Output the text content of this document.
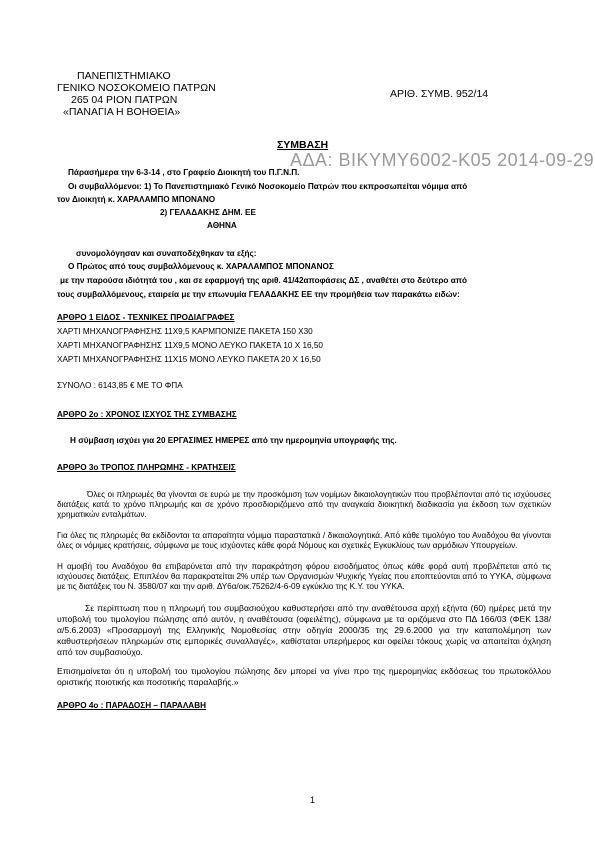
ΠΑΝΕΠΙΣΤΗΜΙΑΚΟ
ΓΕΝΙΚΟ ΝΟΣΟΚΟΜΕΙΟ ΠΑΤΡΩΝ
265 04 ΡΙΟΝ ΠΑΤΡΩΝ
«ΠΑΝΑΓΙΑ Η ΒΟΗΘΕΙΑ»
ΑΡΙΘ. ΣΥΜΒ. 952/14
ΑΔΑ: ΒΙΚΥΜΥ6002-Κ05 2014-09-29
ΣΥΜΒΑΣΗ
Πάρασήμερα την 6-3-14 , στο Γραφείο Διοικητή του Π.Γ.Ν.Π.
Οι συμβαλλόμενοι: 1) Το Πανεπιστημιακό Γενικό Νοσοκομείο Πατρών που εκπροσωπείται νόμιμα από
τον Διοικητή κ. ΧΑΡΑΛΑΜΠΟ ΜΠΟΝΑΝΟ
2) ΓΕΛΑΔΑΚΗΣ ΔΗΜ. ΕΕ
ΑΘΗΝΑ
συνομολόγησαν και συναποδέχθηκαν τα εξής:
Ο Πρώτος από τους συμβαλλόμενους κ. ΧΑΡΑΛΑΜΠΟΣ ΜΠΟΝΑΝΟΣ
με την παρούσα ιδιότητά του , και σε εφαρμογή της αριθ. 41/42αποφάσεις ΔΣ , αναθέτει στο δεύτερο από
τους συμβαλλόμενους, εταιρεία με την επωνυμία ΓΕΛΑΔΑΚΗΣ ΕΕ την προμήθεια των παρακάτω ειδών:
ΑΡΘΡΟ 1 ΕΙΔΟΣ - ΤΕΧΝΙΚΕΣ ΠΡΟΔΙΑΓΡΑΦΕΣ
ΧΑΡΤΙ ΜΗΧΑΝΟΓΡΑΦΗΣΗΣ 11Χ9,5 ΚΑΡΜΠΟΝΙΖΕ ΠΑΚΕΤΑ 150 Χ30
ΧΑΡΤΙ ΜΗΧΑΝΟΓΡΑΦΗΣΗΣ 11Χ9,5 ΜΟΝΟ ΛΕΥΚΟ ΠΑΚΕΤΑ 10 Χ 16,50
ΧΑΡΤΙ ΜΗΧΑΝΟΓΡΑΦΗΣΗΣ 11Χ15 ΜΟΝΟ ΛΕΥΚΟ ΠΑΚΕΤΑ 20 Χ 16,50
ΣΥΝΟΛΟ : 6143,85 € ΜΕ ΤΟ ΦΠΑ
ΑΡΘΡΟ 2ο : ΧΡΟΝΟΣ ΙΣΧΥΟΣ ΤΗΣ ΣΥΜΒΑΣΗΣ
Η σύμβαση ισχύει για 20 ΕΡΓΑΣΙΜΕΣ ΗΜΕΡΕΣ από την ημερομηνία υπογραφής της.
ΑΡΘΡΟ 3ο ΤΡΟΠΟΣ ΠΛΗΡΩΜΗΣ - ΚΡΑΤΗΣΕΙΣ
Όλες οι πληρωμές θα γίνονται σε ευρώ με την προσκόμιση των νομίμων δικαιολογητικών που προβλέπονται από τις ισχύουσες διατάξεις κατά το χρόνο πληρωμής και σε χρόνο προσδιοριζόμενο από την αναγκαία διοικητική διαδικασία για έκδοση των σχετικών χρηματικών ενταλμάτων.
Για όλες τις πληρωμές θα εκδίδονται τα απαραίτητα νόμιμα παραστατικά / δικαιολογητικά. Από κάθε τιμολόγιο του Αναδόχου θα γίνονται όλες οι νόμιμες κρατήσεις, σύμφωνα με τους ισχύοντες κάθε φορά Νόμους και σχετικές Εγκυκλίους των αρμόδιων Υπουργείων.
Η αμοιβή του Αναδόχου θα επιβαρύνεται από την παρακράτηση φόρου εισοδήματος όπως κάθε φορά αυτή προβλέπεται από τις ισχύουσες διατάξεις. Επιπλέον θα παρακρατείται 2% υπέρ των Οργανισμών Ψυχικής Υγείας που εποπτεύονται από το ΥΥΚΑ, σύμφωνα με τις διατάξεις του Ν. 3580/07 και την αριθ. ΔΥ6α/οικ.75262/4-6-09 εγκύκλιο της Κ.Υ. του ΥΥΚΑ.
Σε περίπτωση που η πληρωμή του συμβασιούχου καθυστερήσει από την αναθέτουσα αρχή εξήντα (60) ημέρες μετά την υποβολή του τιμολογίου πώλησης από αυτόν, η αναθέτουσα (οφειλέτης), σύμφωνα με τα οριζόμενα στο ΠΔ 166/03 (ΦΕΚ 138/α/5.6.2003) «Προσαρμογή της Ελληνικής Νομοθεσίας στην οδηγία 2000/35 της 29.6.2000 για την καταπολέμηση των καθυστερήσεων πληρωμών στις εμπορικές συναλλαγές», καθίσταται υπερήμερος και οφείλει τόκους χωρίς να απαιτείται όχληση από τον συμβασιούχο.
Επισημαίνεται ότι η υποβολή του τιμολογίου πώλησης δεν μπορεί να γίνει προ της ημερομηνίας εκδόσεως του πρωτοκόλλου οριστικής ποιοτικής και ποσοτικής παραλαβής.»
ΑΡΘΡΟ 4ο : ΠΑΡΑΔΟΣΗ – ΠΑΡΑΛΑΒΗ
1
